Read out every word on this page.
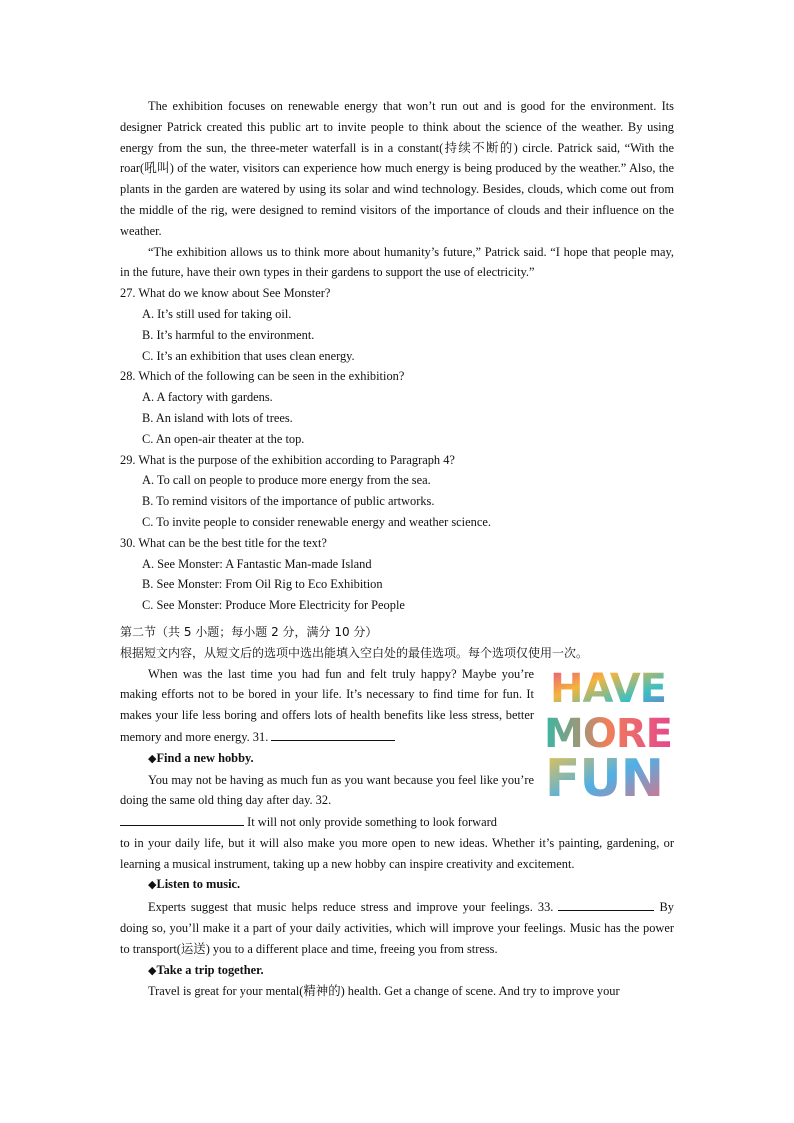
The exhibition focuses on renewable energy that won’t run out and is good for the environment. Its designer Patrick created this public art to invite people to think about the science of the weather. By using energy from the sun, the three-meter waterfall is in a constant(持续不断的) circle. Patrick said, “With the roar(吼叫) of the water, visitors can experience how much energy is being produced by the weather.” Also, the plants in the garden are watered by using its solar and wind technology. Besides, clouds, which come out from the middle of the rig, were designed to remind visitors of the importance of clouds and their influence on the weather.

“The exhibition allows us to think more about humanity’s future,” Patrick said. “I hope that people may, in the future, have their own types in their gardens to support the use of electricity.”

27. What do we know about See Monster?

A. It’s still used for taking oil.

B. It’s harmful to the environment.

C. It’s an exhibition that uses clean energy.

28. Which of the following can be seen in the exhibition?

A. A factory with gardens.

B. An island with lots of trees.

C. An open-air theater at the top.

29. What is the purpose of the exhibition according to Paragraph 4?

A. To call on people to produce more energy from the sea.

B. To remind visitors of the importance of public artworks.

C. To invite people to consider renewable energy and weather science.

30. What can be the best title for the text?

A. See Monster: A Fantastic Man-made Island

B. See Monster: From Oil Rig to Eco Exhibition

C. See Monster: Produce More Electricity for People

第二节（共 5 小题；每小题 2 分，满分 10 分）

根据短文内容，从短文后的选项中选出能填入空白处的最佳选项。每个选项仅使用一次。

HAVE
MORE
FUN

When was the last time you had fun and felt truly happy? Maybe you’re making efforts not to be bored in your life. It’s necessary to find time for fun. It makes your life less boring and offers lots of health benefits like less stress, better memory and more energy. 31.

◆Find a new hobby.

You may not be having as much fun as you want because you feel like you’re doing the same old thing day after day. 32.
It will not only provide something to look forward

to in your daily life, but it will also make you more open to new ideas. Whether it’s painting, gardening, or learning a musical instrument, taking up a new hobby can inspire creativity and excitement.

◆Listen to music.

Experts suggest that music helps reduce stress and improve your feelings. 33.	By doing so, you’ll make it a part of your daily activities, which will improve your feelings. Music has the power to transport(运送) you to a different place and time, freeing you from stress.

◆Take a trip together.

Travel is great for your mental(精神的) health. Get a change of scene. And try to improve your
